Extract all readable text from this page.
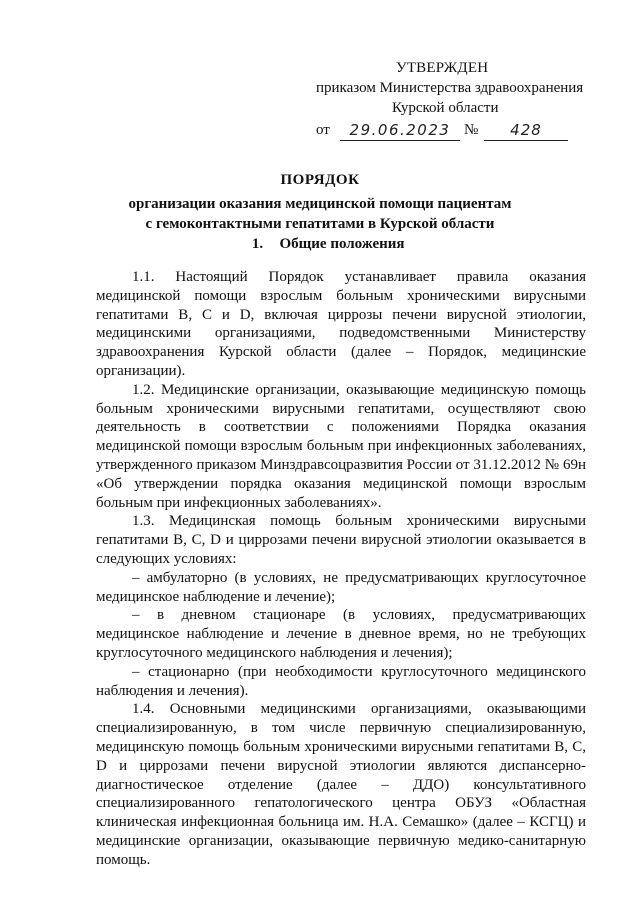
УТВЕРЖДЕН
приказом Министерства здравоохранения
Курской области
от	29.06.2023 №	428
ПОРЯДОК
организации оказания медицинской помощи пациентам
с гемоконтактными гепатитами в Курской области
1. Общие положения

1.1. Настоящий Порядок устанавливает правила оказания медицинской помощи взрослым больным хроническими вирусными гепатитами B, C и D, включая циррозы печени вирусной этиологии, медицинскими организациями, подведомственными Министерству здравоохранения Курской области (далее – Порядок, медицинские организации).

1.2. Медицинские организации, оказывающие медицинскую помощь больным хроническими вирусными гепатитами, осуществляют свою деятельность в соответствии с положениями Порядка оказания медицинской помощи взрослым больным при инфекционных заболеваниях, утвержденного приказом Минздравсоцразвития России от 31.12.2012 № 69н «Об утверждении порядка оказания медицинской помощи взрослым больным при инфекционных заболеваниях».

1.3. Медицинская помощь больным хроническими вирусными гепатитами B, C, D и циррозами печени вирусной этиологии оказывается в следующих условиях:

– амбулаторно (в условиях, не предусматривающих круглосуточное медицинское наблюдение и лечение);

– в дневном стационаре (в условиях, предусматривающих медицинское наблюдение и лечение в дневное время, но не требующих круглосуточного медицинского наблюдения и лечения);

– стационарно (при необходимости круглосуточного медицинского наблюдения и лечения).

1.4. Основными медицинскими организациями, оказывающими специализированную, в том числе первичную специализированную, медицинскую помощь больным хроническими вирусными гепатитами B, C, D и циррозами печени вирусной этиологии являются диспансерно-диагностическое отделение (далее – ДДО) консультативного специализированного гепатологического центра ОБУЗ «Областная клиническая инфекционная больница им. Н.А. Семашко» (далее – КСГЦ) и медицинские организации, оказывающие первичную медико-санитарную помощь.
